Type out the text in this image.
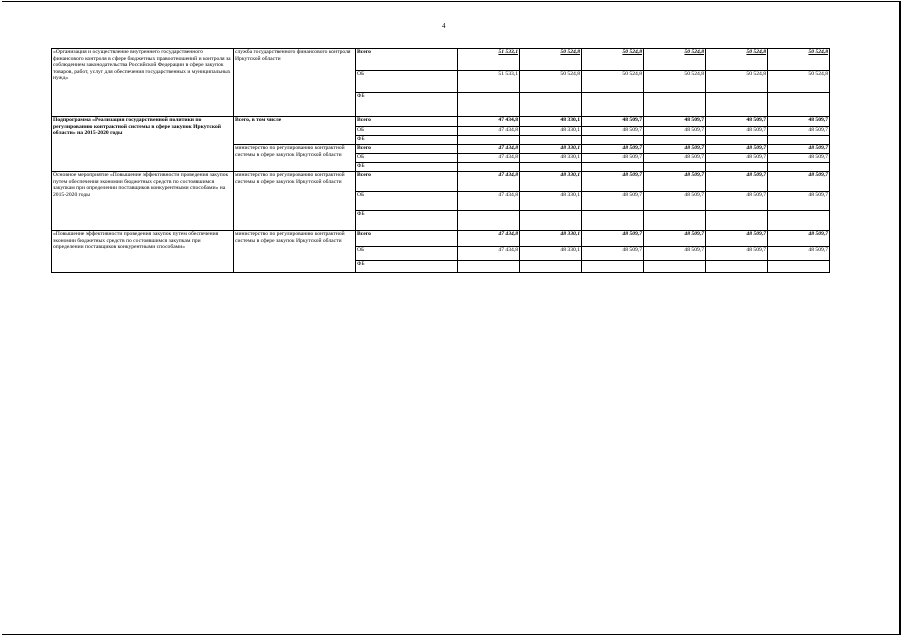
4
«Организация и осуществление внутреннего государственного финансового контроля в сфере бюджетных правоотношений и контроля за соблюдением законодательства Российской Федерации в сфере закупок товаров, работ, услуг для обеспечения государственных и муниципальных нужд»	служба государственного финансового контроля Иркутской области	Всего	51 533,1	50 524,8	50 524,8	50 524,8	50 524,8	50 524,8
		ОБ	51 533,1	50 524,8	50 524,8	50 524,8	50 524,8	50 524,8
		ФБ						
Подпрограмма «Реализация государственной политики по регулированию контрактной системы в сфере закупок Иркутской области» на 2015-2020 годы	Всего, в том числе	Всего	47 434,8	48 330,1	48 509,7	48 509,7	48 509,7	48 509,7
		ОБ	47 434,8	48 330,1	48 509,7	48 509,7	48 509,7	48 509,7
		ФБ						
	министерство по регулированию контрактной системы в сфере закупок Иркутской области	Всего	47 434,8	48 330,1	48 509,7	48 509,7	48 509,7	48 509,7
		ОБ	47 434,8	48 330,1	48 509,7	48 509,7	48 509,7	48 509,7
		ФБ						
Основное мероприятие «Повышение эффективности проведения закупок путем обеспечения экономии бюджетных средств по состоявшимся закупкам при определении поставщиков конкурентными способами» на 2015-2020 годы	министерство по регулированию контрактной системы в сфере закупок Иркутской области	Всего	47 434,8	48 330,1	48 509,7	48 509,7	48 509,7	48 509,7
		ОБ	47 434,8	48 330,1	48 509,7	48 509,7	48 509,7	48 509,7
		ФБ						
«Повышение эффективности проведения закупок путем обеспечения экономии бюджетных средств по состоявшимся закупкам при определении поставщиков конкурентными способами»	министерство по регулированию контрактной системы в сфере закупок Иркутской области	Всего	47 434,8	48 330,1	48 509,7	48 509,7	48 509,7	48 509,7
		ОБ	47 434,8	48 330,1	48 509,7	48 509,7	48 509,7	48 509,7
		ФБ						
